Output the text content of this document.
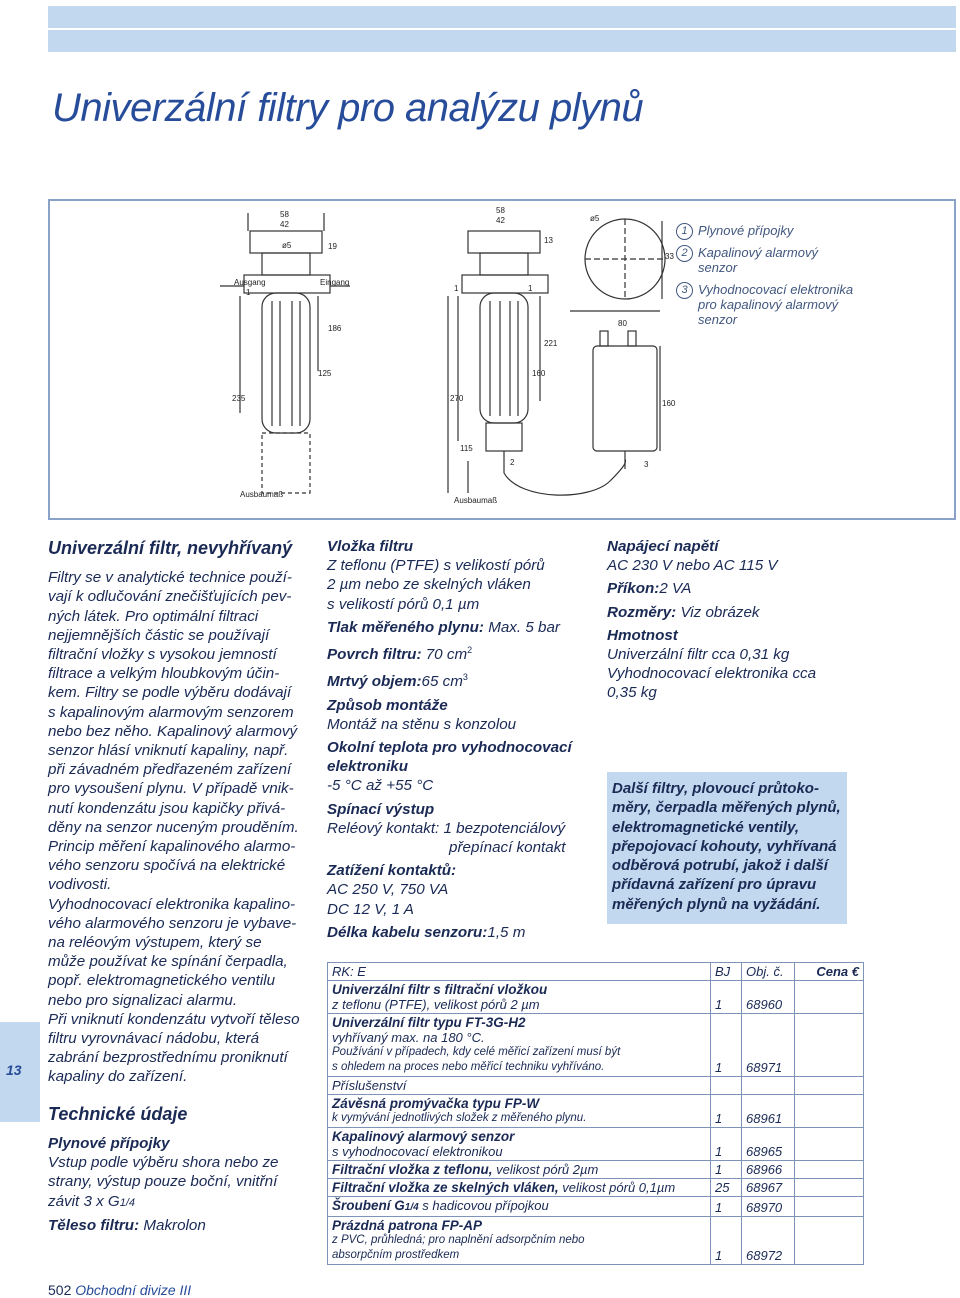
Univerzální filtry pro analýzu plynů
Ausgang	Eingang
Ausbaumaß
Ausbaumaß
58
42
19
ø5
186
125
235
58
42
13
221
160
270
115
ø5
33
80
160
1	1	1
2	3
1 Plynové přípojky
2 Kapalinový alarmový senzor
3 Vyhodnocovací elektronika pro kapalinový alarmový senzor

Univerzální filtr, nevyhřívaný

Filtry se v analytické technice použí-

vají k odlučování znečišťujících pev-

ných látek. Pro optimální filtraci

nejjemnějších částic se používají

filtrační vložky s vysokou jemností

filtrace a velkým hloubkovým účin-

kem. Filtry se podle výběru dodávají

s kapalinovým alarmovým senzorem

nebo bez něho. Kapalinový alarmový

senzor hlásí vniknutí kapaliny, např.

při závadném předřazeném zařízení

pro vysoušení plynu. V případě vnik-

nutí kondenzátu jsou kapičky přivá-

děny na senzor nuceným prouděním.

Princip měření kapalinového alarmo-

vého senzoru spočívá na elektrické

vodivosti.

Vyhodnocovací elektronika kapalino-

vého alarmového senzoru je vybave-

na reléovým výstupem, který se

může používat ke spínání čerpadla,

popř. elektromagnetického ventilu

nebo pro signalizaci alarmu.

Při vniknutí kondenzátu vytvoří těleso

filtru vyrovnávací nádobu, která

zabrání bezprostřednímu proniknutí

kapaliny do zařízení.

Technické údaje

Plynové přípojky

Vstup podle výběru shora nebo ze

strany, výstup pouze boční, vnitřní

závit 3 x G1/4

Těleso filtru: Makrolon

Vložka filtru

Z teflonu (PTFE) s velikostí pórů

2 µm nebo ze skelných vláken

s velikostí pórů 0,1 µm

Tlak měřeného plynu: Max. 5 bar

Povrch filtru: 70 $cm^2$

Mrtvý objem:65 $cm^3$

Způsob montáže

Montáž na stěnu s konzolou

Okolní teplota pro vyhodnocovací

elektroniku

-5 °C až +55 °C

Spínací výstup

Reléový kontakt: 1 bezpotenciálový

přepínací kontakt

Zatížení kontaktů:

AC 250 V, 750 VA

DC 12 V, 1 A

Délka kabelu senzoru:1,5 m

Napájecí napětí

AC 230 V nebo AC 115 V

Příkon:2 VA

Rozměry: Viz obrázek

Hmotnost

Univerzální filtr cca 0,31 kg

Vyhodnocovací elektronika cca

0,35 kg

Další filtry, plovoucí průtoko-

měry, čerpadla měřených plynů,

elektromagnetické ventily,

přepojovací kohouty, vyhřívaná

odběrová potrubí, jakož i další

přídavná zařízení pro úpravu

měřených plynů na vyžádání.

RK: E	BJ	Obj. č.	Cena €

Univerzální filtr s filtrační vložkou
z teflonu (PTFE), velikost pórů 2 µm	1	68960	

Univerzální filtr typu FT-3G-H2
vyhřívaný max. na 180 °C.
Používání v případech, kdy celé měřicí zařízení musí být
s ohledem na proces nebo měřicí techniku vyhříváno.	1	68971	
Příslušenství			

Závěsná promývačka typu FP-W
k vymývání jednotlivých složek z měřeného plynu.	1	68961	

Kapalinový alarmový senzor
s vyhodnocovací elektronikou	1	68965	
Filtrační vložka z teflonu, velikost pórů 2µm	1	68966	
Filtrační vložka ze skelných vláken, velikost pórů 0,1µm	25	68967	
Šroubení G1/4 s hadicovou přípojkou	1	68970	

Prázdná patrona FP-AP
z PVC, průhledná; pro naplnění adsorpčním nebo
absorpčním prostředkem	1	68972	
13
502 Obchodní divize III
